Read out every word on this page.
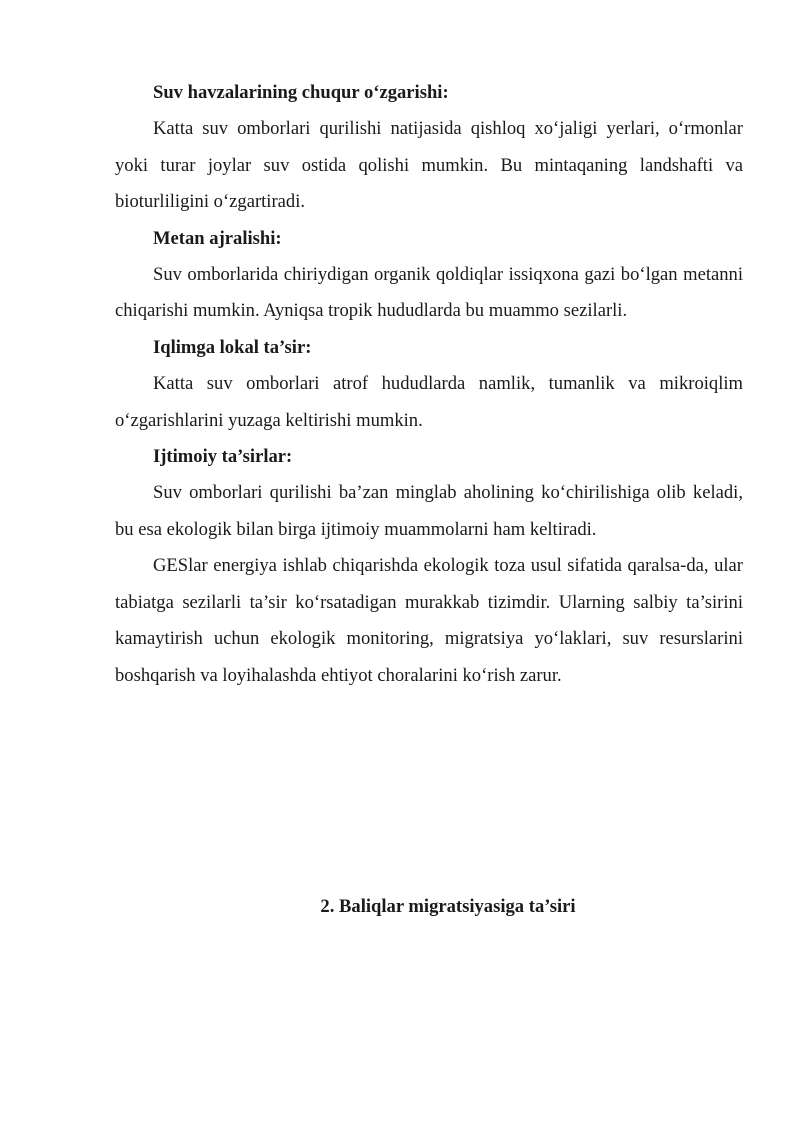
Suv havzalarining chuqur o‘zgarishi:

Katta suv omborlari qurilishi natijasida qishloq xo‘jaligi yerlari, o‘rmonlar yoki turar joylar suv ostida qolishi mumkin. Bu mintaqaning landshafti va bioturliligini o‘zgartiradi.

Metan ajralishi:

Suv omborlarida chiriydigan organik qoldiqlar issiqxona gazi bo‘lgan metanni chiqarishi mumkin. Ayniqsa tropik hududlarda bu muammo sezilarli.

Iqlimga lokal ta’sir:

Katta suv omborlari atrof hududlarda namlik, tumanlik va mikroiqlim o‘zgarishlarini yuzaga keltirishi mumkin.

Ijtimoiy ta’sirlar:

Suv omborlari qurilishi ba’zan minglab aholining ko‘chirilishiga olib keladi, bu esa ekologik bilan birga ijtimoiy muammolarni ham keltiradi.

GESlar energiya ishlab chiqarishda ekologik toza usul sifatida qaralsa-da, ular tabiatga sezilarli ta’sir ko‘rsatadigan murakkab tizimdir. Ularning salbiy ta’sirini kamaytirish uchun ekologik monitoring, migratsiya yo‘laklari, suv resurslarini boshqarish va loyihalashda ehtiyot choralarini ko‘rish zarur.

2. Baliqlar migratsiyasiga ta’siri
